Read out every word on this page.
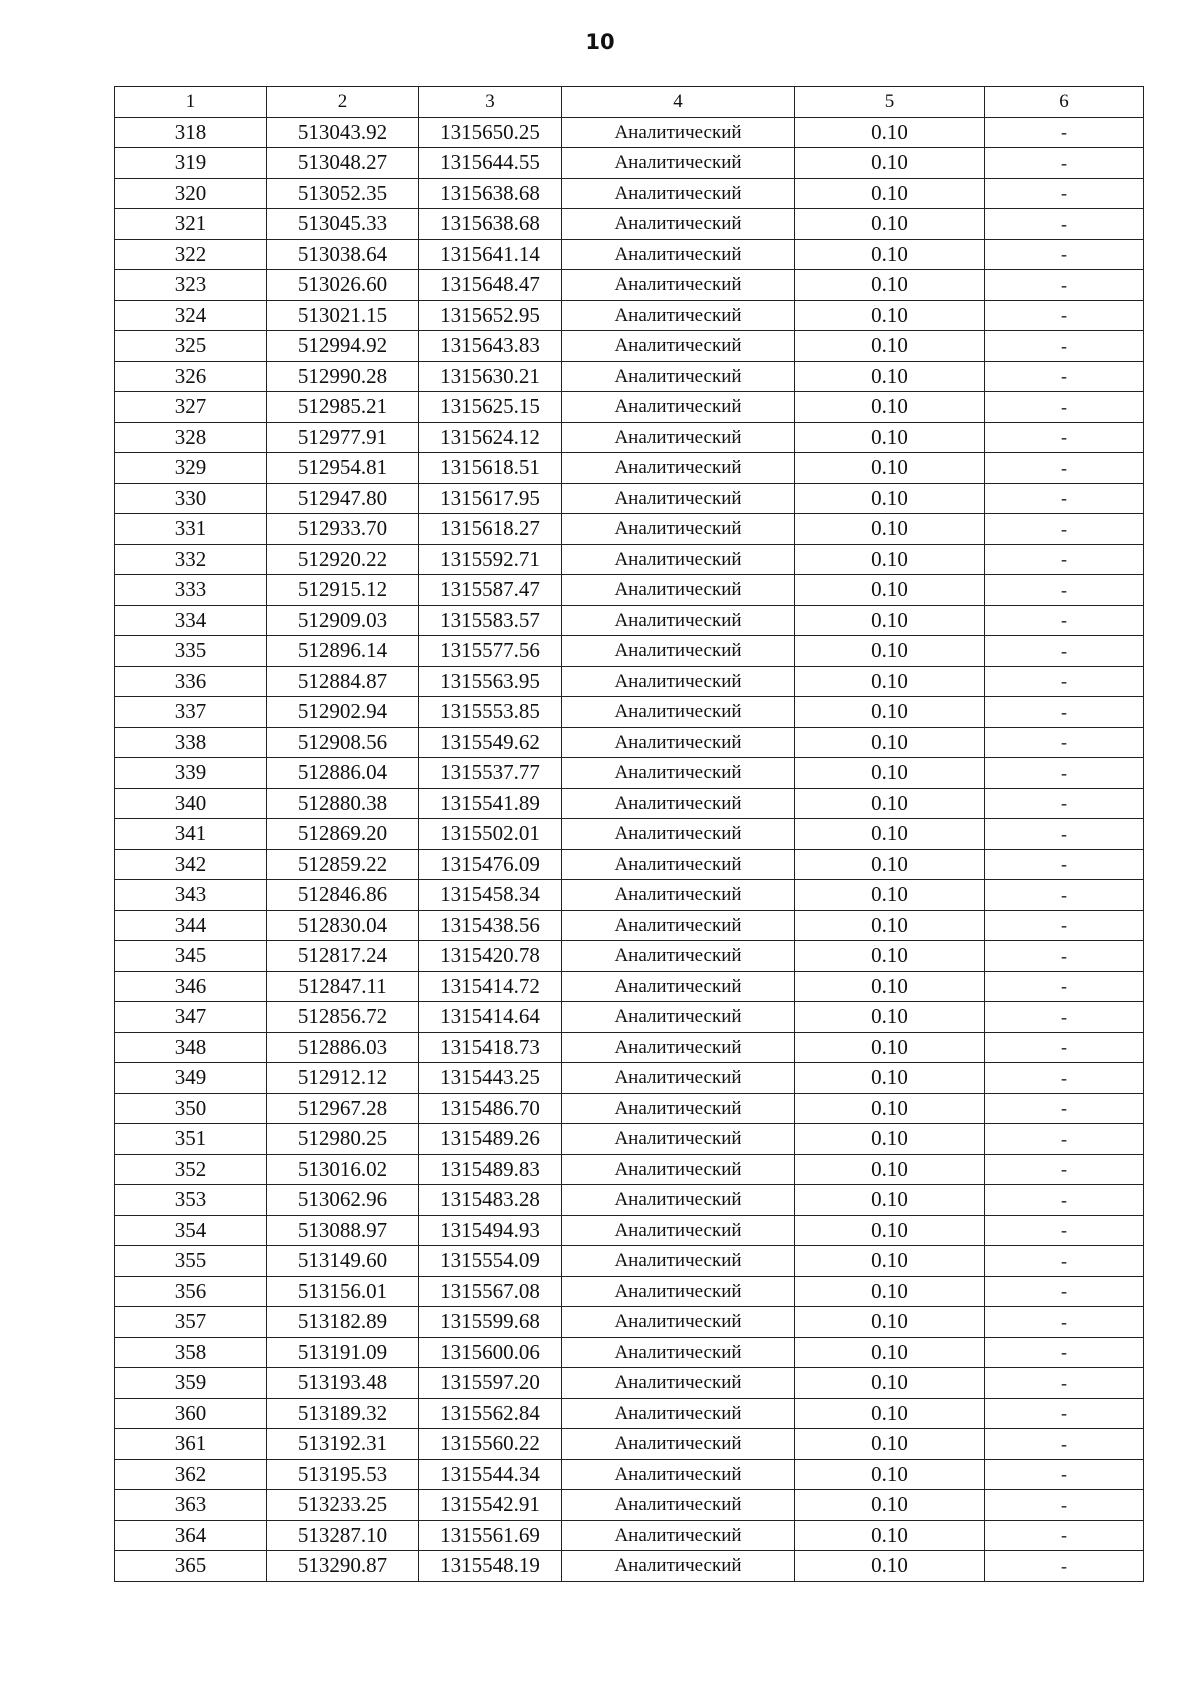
10
1	2	3	4	5	6
318	513043.92	1315650.25	Аналитический	0.10	-
319	513048.27	1315644.55	Аналитический	0.10	-
320	513052.35	1315638.68	Аналитический	0.10	-
321	513045.33	1315638.68	Аналитический	0.10	-
322	513038.64	1315641.14	Аналитический	0.10	-
323	513026.60	1315648.47	Аналитический	0.10	-
324	513021.15	1315652.95	Аналитический	0.10	-
325	512994.92	1315643.83	Аналитический	0.10	-
326	512990.28	1315630.21	Аналитический	0.10	-
327	512985.21	1315625.15	Аналитический	0.10	-
328	512977.91	1315624.12	Аналитический	0.10	-
329	512954.81	1315618.51	Аналитический	0.10	-
330	512947.80	1315617.95	Аналитический	0.10	-
331	512933.70	1315618.27	Аналитический	0.10	-
332	512920.22	1315592.71	Аналитический	0.10	-
333	512915.12	1315587.47	Аналитический	0.10	-
334	512909.03	1315583.57	Аналитический	0.10	-
335	512896.14	1315577.56	Аналитический	0.10	-
336	512884.87	1315563.95	Аналитический	0.10	-
337	512902.94	1315553.85	Аналитический	0.10	-
338	512908.56	1315549.62	Аналитический	0.10	-
339	512886.04	1315537.77	Аналитический	0.10	-
340	512880.38	1315541.89	Аналитический	0.10	-
341	512869.20	1315502.01	Аналитический	0.10	-
342	512859.22	1315476.09	Аналитический	0.10	-
343	512846.86	1315458.34	Аналитический	0.10	-
344	512830.04	1315438.56	Аналитический	0.10	-
345	512817.24	1315420.78	Аналитический	0.10	-
346	512847.11	1315414.72	Аналитический	0.10	-
347	512856.72	1315414.64	Аналитический	0.10	-
348	512886.03	1315418.73	Аналитический	0.10	-
349	512912.12	1315443.25	Аналитический	0.10	-
350	512967.28	1315486.70	Аналитический	0.10	-
351	512980.25	1315489.26	Аналитический	0.10	-
352	513016.02	1315489.83	Аналитический	0.10	-
353	513062.96	1315483.28	Аналитический	0.10	-
354	513088.97	1315494.93	Аналитический	0.10	-
355	513149.60	1315554.09	Аналитический	0.10	-
356	513156.01	1315567.08	Аналитический	0.10	-
357	513182.89	1315599.68	Аналитический	0.10	-
358	513191.09	1315600.06	Аналитический	0.10	-
359	513193.48	1315597.20	Аналитический	0.10	-
360	513189.32	1315562.84	Аналитический	0.10	-
361	513192.31	1315560.22	Аналитический	0.10	-
362	513195.53	1315544.34	Аналитический	0.10	-
363	513233.25	1315542.91	Аналитический	0.10	-
364	513287.10	1315561.69	Аналитический	0.10	-
365	513290.87	1315548.19	Аналитический	0.10	-
